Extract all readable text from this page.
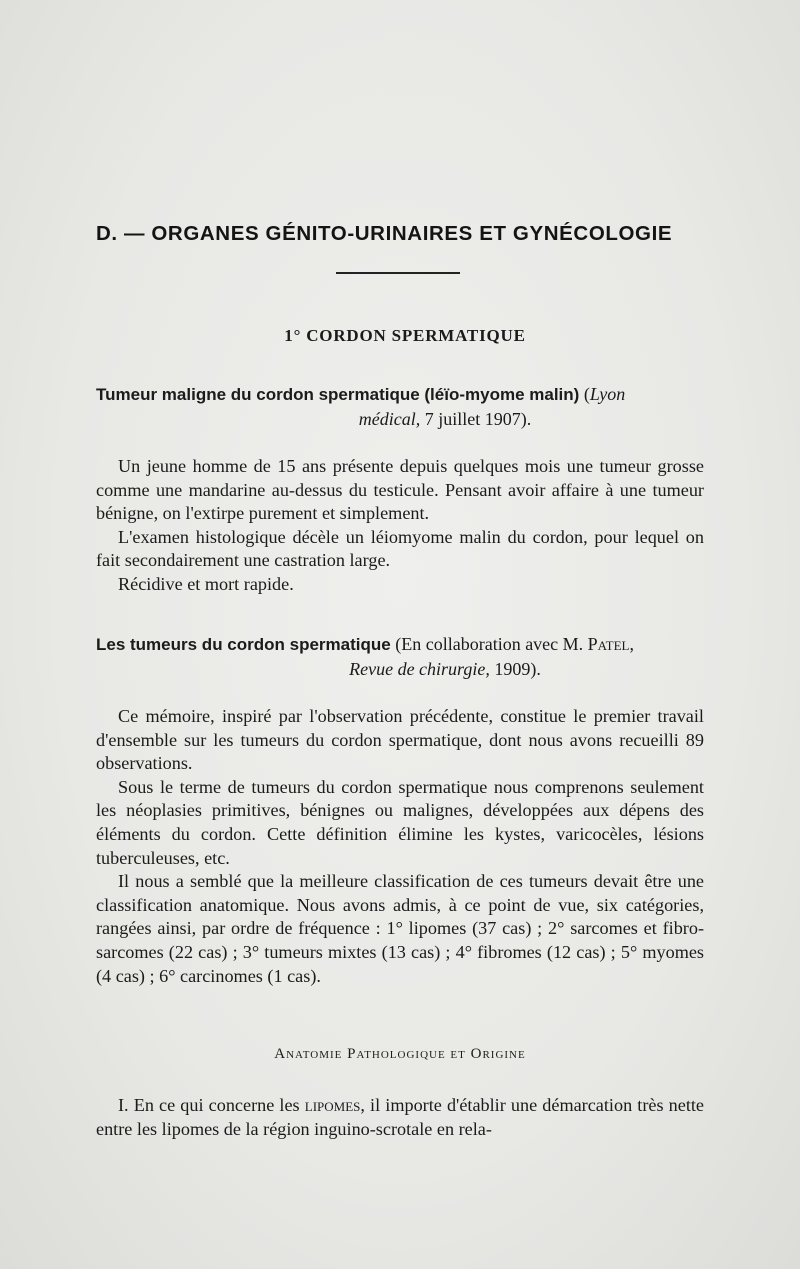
D. — ORGANES GÉNITO-URINAIRES ET GYNÉCOLOGIE
1° CORDON SPERMATIQUE
Tumeur maligne du cordon spermatique (léïo-myome malin) (Lyon
médical, 7 juillet 1907).

Un jeune homme de 15 ans présente depuis quelques mois une tumeur grosse comme une mandarine au-dessus du testicule. Pensant avoir affaire à une tumeur bénigne, on l'extirpe purement et simplement.

L'examen histologique décèle un léiomyome malin du cordon, pour lequel on fait secondairement une castration large.

Récidive et mort rapide.

Les tumeurs du cordon spermatique (En collaboration avec M. Patel,
Revue de chirurgie, 1909).

Ce mémoire, inspiré par l'observation précédente, constitue le premier travail d'ensemble sur les tumeurs du cordon spermatique, dont nous avons recueilli 89 observations.

Sous le terme de tumeurs du cordon spermatique nous comprenons seulement les néoplasies primitives, bénignes ou malignes, développées aux dépens des éléments du cordon. Cette définition élimine les kystes, varicocèles, lésions tuberculeuses, etc.

Il nous a semblé que la meilleure classification de ces tumeurs devait être une classification anatomique. Nous avons admis, à ce point de vue, six catégories, rangées ainsi, par ordre de fréquence : 1° lipomes (37 cas) ; 2° sarcomes et fibro-sarcomes (22 cas) ; 3° tumeurs mixtes (13 cas) ; 4° fibromes (12 cas) ; 5° myomes (4 cas) ; 6° carcinomes (1 cas).

Anatomie Pathologique et Origine

I. En ce qui concerne les lipomes, il importe d'établir une démarcation très nette entre les lipomes de la région inguino-scrotale en rela-
